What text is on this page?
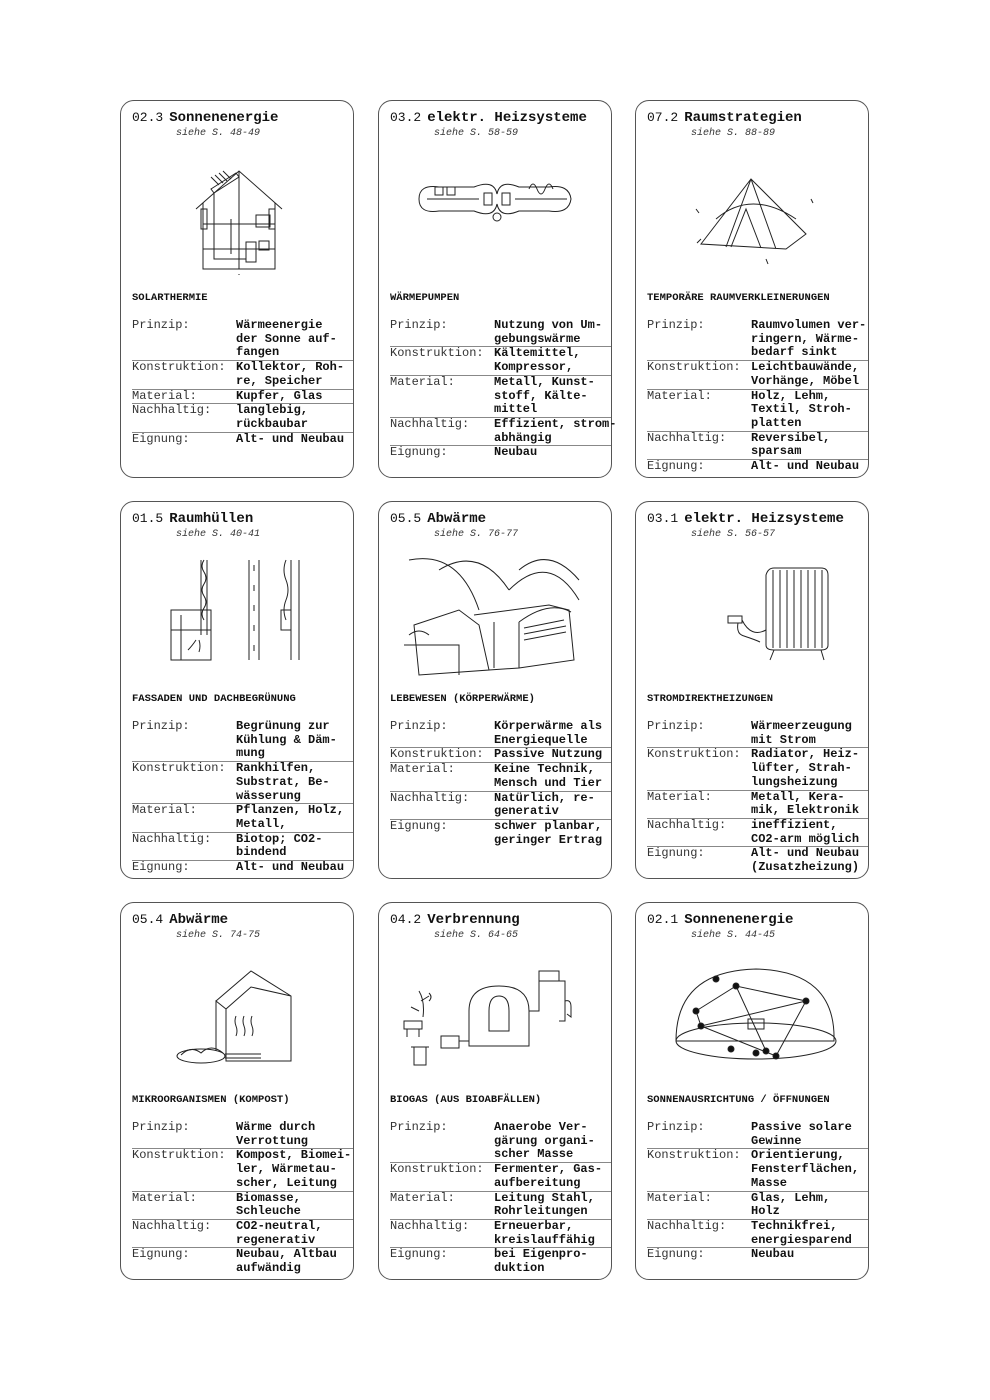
02.3 Sonnenenergie
siehe S. 48-49
SOLARTHERMIE
Prinzip:	Wärmeenergie
der Sonne auf-
fangen
Konstruktion: Kollektor, Roh-
re, Speicher
Material:	Kupfer, Glas
Nachhaltig:	langlebig,
rückbaubar
Eignung:	Alt- und Neubau
03.2 elektr. Heizsysteme
siehe S. 58-59
WÄRMEPUMPEN
Prinzip:	Nutzung von Um-
gebungswärme
Konstruktion: Kältemittel,
Kompressor,
Material:	Metall, Kunst-
stoff, Kälte-
mittel
Nachhaltig:	Effizient, strom-
abhängig
Eignung:	Neubau
07.2 Raumstrategien
siehe S. 88-89
TEMPORÄRE RAUMVERKLEINERUNGEN
Prinzip:	Raumvolumen ver-
ringern, Wärme-
bedarf sinkt
Konstruktion: Leichtbauwände,
Vorhänge, Möbel
Material:	Holz, Lehm,
Textil, Stroh-
platten
Nachhaltig:	Reversibel,
sparsam
Eignung:	Alt- und Neubau
01.5 Raumhüllen
siehe S. 40-41
FASSADEN UND DACHBEGRÜNUNG
Prinzip:	Begrünung zur
Kühlung & Däm-
mung
Konstruktion: Rankhilfen,
Substrat, Be-
wässerung
Material:	Pflanzen, Holz,
Metall,
Nachhaltig:	Biotop; CO2-
bindend
Eignung:	Alt- und Neubau
05.5 Abwärme
siehe S. 76-77
LEBEWESEN (KÖRPERWÄRME)
Prinzip:	Körperwärme als
Energiequelle
Konstruktion: Passive Nutzung
Material:	Keine Technik,
Mensch und Tier
Nachhaltig:	Natürlich, re-
generativ
Eignung:	schwer planbar,
geringer Ertrag
03.1 elektr. Heizsysteme
siehe S. 56-57
STROMDIREKTHEIZUNGEN
Prinzip:	Wärmeerzeugung
mit Strom
Konstruktion: Radiator, Heiz-
lüfter, Strah-
lungsheizung
Material:	Metall, Kera-
mik, Elektronik
Nachhaltig:	ineffizient,
CO2-arm möglich
Eignung:	Alt- und Neubau
(Zusatzheizung)
05.4 Abwärme
siehe S. 74-75
MIKROORGANISMEN (KOMPOST)
Prinzip:	Wärme durch
Verrottung
Konstruktion: Kompost, Biomei-
ler, Wärmetau-
scher, Leitung
Material:	Biomasse,
Schleuche
Nachhaltig:	CO2-neutral,
regenerativ
Eignung:	Neubau, Altbau
aufwändig
04.2 Verbrennung
siehe S. 64-65
BIOGAS (AUS BIOABFÄLLEN)
Prinzip:	Anaerobe Ver-
gärung organi-
scher Masse
Konstruktion: Fermenter, Gas-
aufbereitung
Material:	Leitung Stahl,
Rohrleitungen
Nachhaltig:	Erneuerbar,
kreislauffähig
Eignung:	bei Eigenpro-
duktion
02.1 Sonnenenergie
siehe S. 44-45
SONNENAUSRICHTUNG / ÖFFNUNGEN
Prinzip:	Passive solare
Gewinne
Konstruktion: Orientierung,
Fensterflächen,
Masse
Material:	Glas, Lehm,
Holz
Nachhaltig:	Technikfrei,
energiesparend
Eignung:	Neubau
